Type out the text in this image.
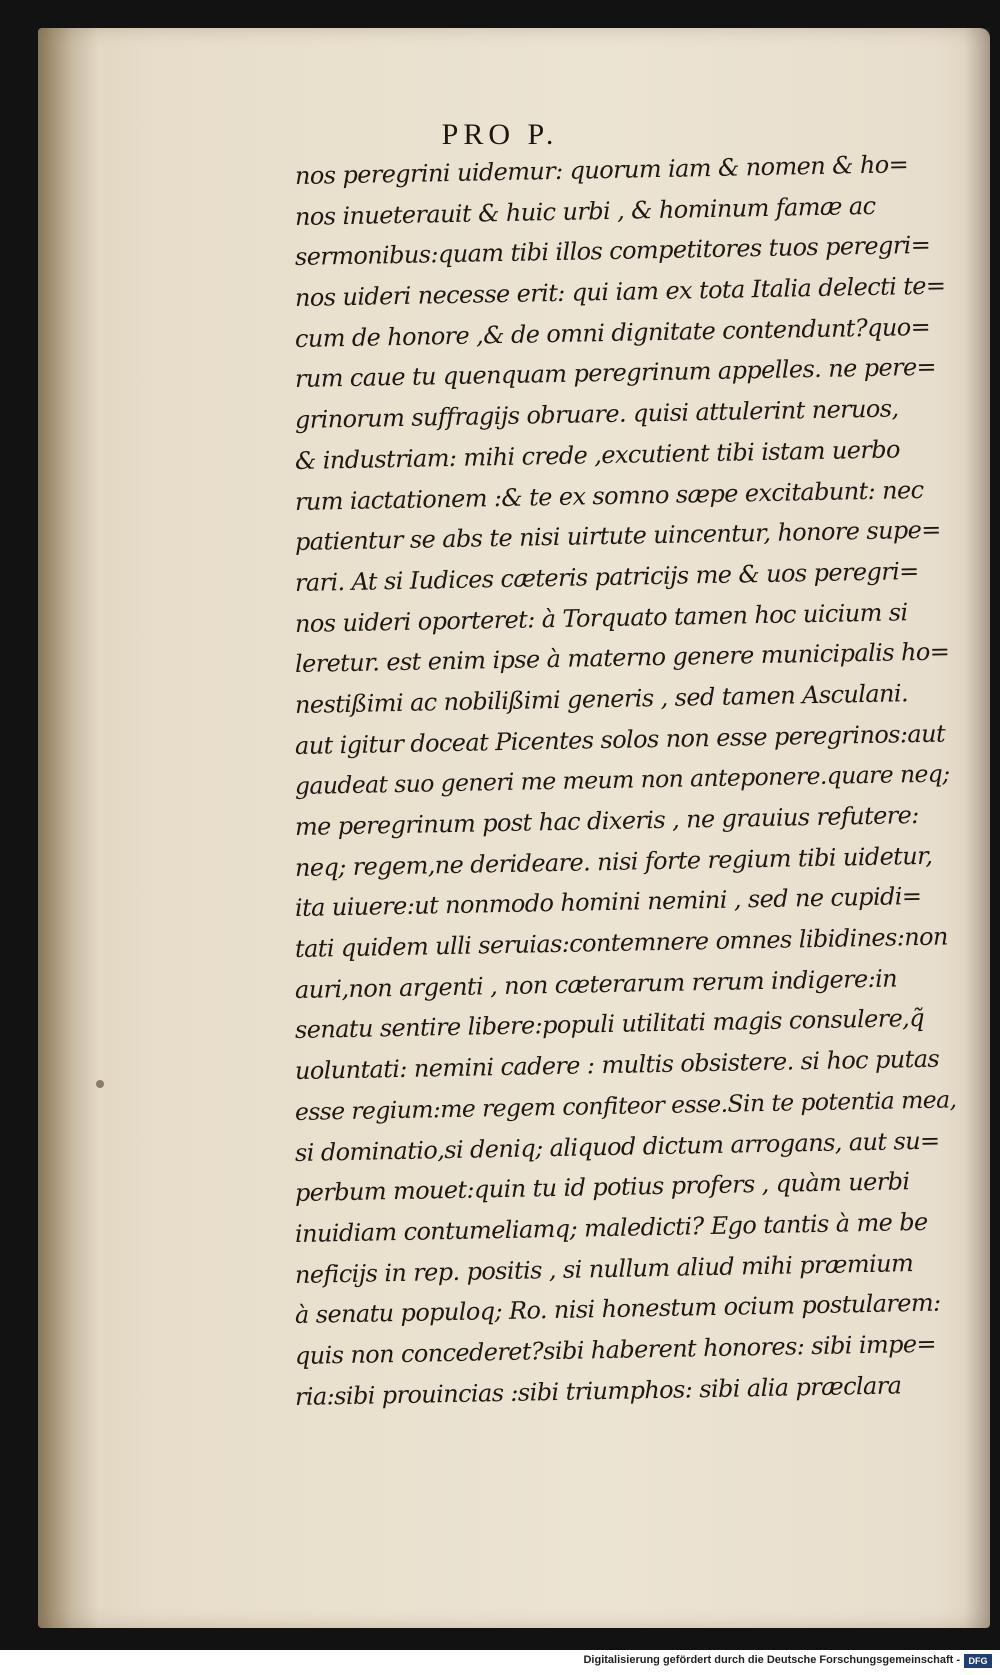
PRO P.
nos peregrini uidemur: quorum iam & nomen & ho=
nos inueterauit & huic urbi , & hominum famæ ac
sermonibus:quam tibi illos competitores tuos peregri=
nos uideri necesse erit: qui iam ex tota Italia delecti te=
cum de honore ,& de omni dignitate contendunt?quo=
rum caue tu quenquam peregrinum appelles. ne pere=
grinorum suffragijs obruare. quisi attulerint neruos,
& industriam: mihi crede ,excutient tibi istam uerbo
rum iactationem :& te ex somno sæpe excitabunt: nec
patientur se abs te nisi uirtute uincentur, honore supe=
rari. At si Iudices cæteris patricijs me & uos peregri=
nos uideri oporteret: à Torquato tamen hoc uicium si
leretur. est enim ipse à materno genere municipalis ho=
nestißimi ac nobilißimi generis , sed tamen Asculani.
aut igitur doceat Picentes solos non esse peregrinos:aut
gaudeat suo generi me meum non anteponere.quare neq;
me peregrinum post hac dixeris , ne grauius refutere:
neq; regem,ne derideare. nisi forte regium tibi uidetur,
ita uiuere:ut nonmodo homini nemini , sed ne cupidi=
tati quidem ulli seruias:contemnere omnes libidines:non
auri,non argenti , non cæterarum rerum indigere:in
senatu sentire libere:populi utilitati magis consulere,q̃
uoluntati: nemini cadere : multis obsistere. si hoc putas
esse regium:me regem confiteor esse.Sin te potentia mea,
si dominatio,si deniq; aliquod dictum arrogans, aut su=
perbum mouet:quin tu id potius profers , quàm uerbi
inuidiam contumeliamq; maledicti? Ego tantis à me be
neficijs in rep. positis , si nullum aliud mihi præmium
à senatu populoq; Ro. nisi honestum ocium postularem:
quis non concederet?sibi haberent honores: sibi impe=
ria:sibi prouincias :sibi triumphos: sibi alia præclara
Digitalisierung gefördert durch die Deutsche Forschungsgemeinschaft - DFG
